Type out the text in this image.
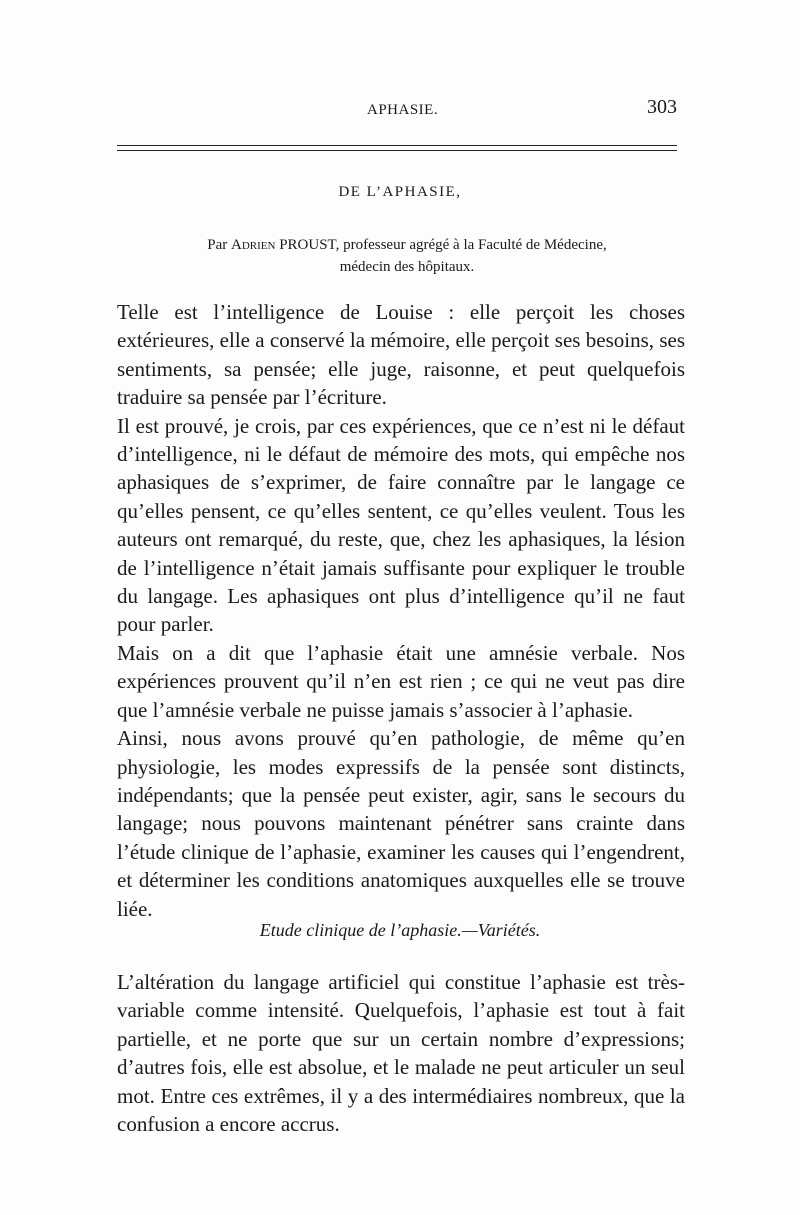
APHASIE.	303
DE L’APHASIE,
Par Adrien PROUST, professeur agrégé à la Faculté de Médecine,
médecin des hôpitaux.

Telle est l’intelligence de Louise : elle perçoit les choses extérieures, elle a conservé la mémoire, elle perçoit ses besoins, ses sentiments, sa pensée; elle juge, raisonne, et peut quelquefois traduire sa pensée par l’écriture.

Il est prouvé, je crois, par ces expériences, que ce n’est ni le défaut d’intelligence, ni le défaut de mémoire des mots, qui empêche nos aphasiques de s’exprimer, de faire connaître par le langage ce qu’elles pensent, ce qu’elles sentent, ce qu’elles veulent. Tous les auteurs ont remarqué, du reste, que, chez les aphasiques, la lésion de l’intelligence n’était jamais suffisante pour expliquer le trouble du langage. Les aphasiques ont plus d’intelligence qu’il ne faut pour parler.

Mais on a dit que l’aphasie était une amnésie verbale. Nos expériences prouvent qu’il n’en est rien ; ce qui ne veut pas dire que l’amnésie verbale ne puisse jamais s’associer à l’aphasie.

Ainsi, nous avons prouvé qu’en pathologie, de même qu’en physiologie, les modes expressifs de la pensée sont distincts, indépendants; que la pensée peut exister, agir, sans le secours du langage; nous pouvons maintenant pénétrer sans crainte dans l’étude clinique de l’aphasie, examiner les causes qui l’engendrent, et déterminer les conditions anatomiques auxquelles elle se trouve liée.

Etude clinique de l’aphasie.—Variétés.

L’altération du langage artificiel qui constitue l’aphasie est très-variable comme intensité. Quelquefois, l’aphasie est tout à fait partielle, et ne porte que sur un certain nombre d’expressions; d’autres fois, elle est absolue, et le malade ne peut articuler un seul mot. Entre ces extrêmes, il y a des intermédiaires nombreux, que la confusion a encore accrus.
